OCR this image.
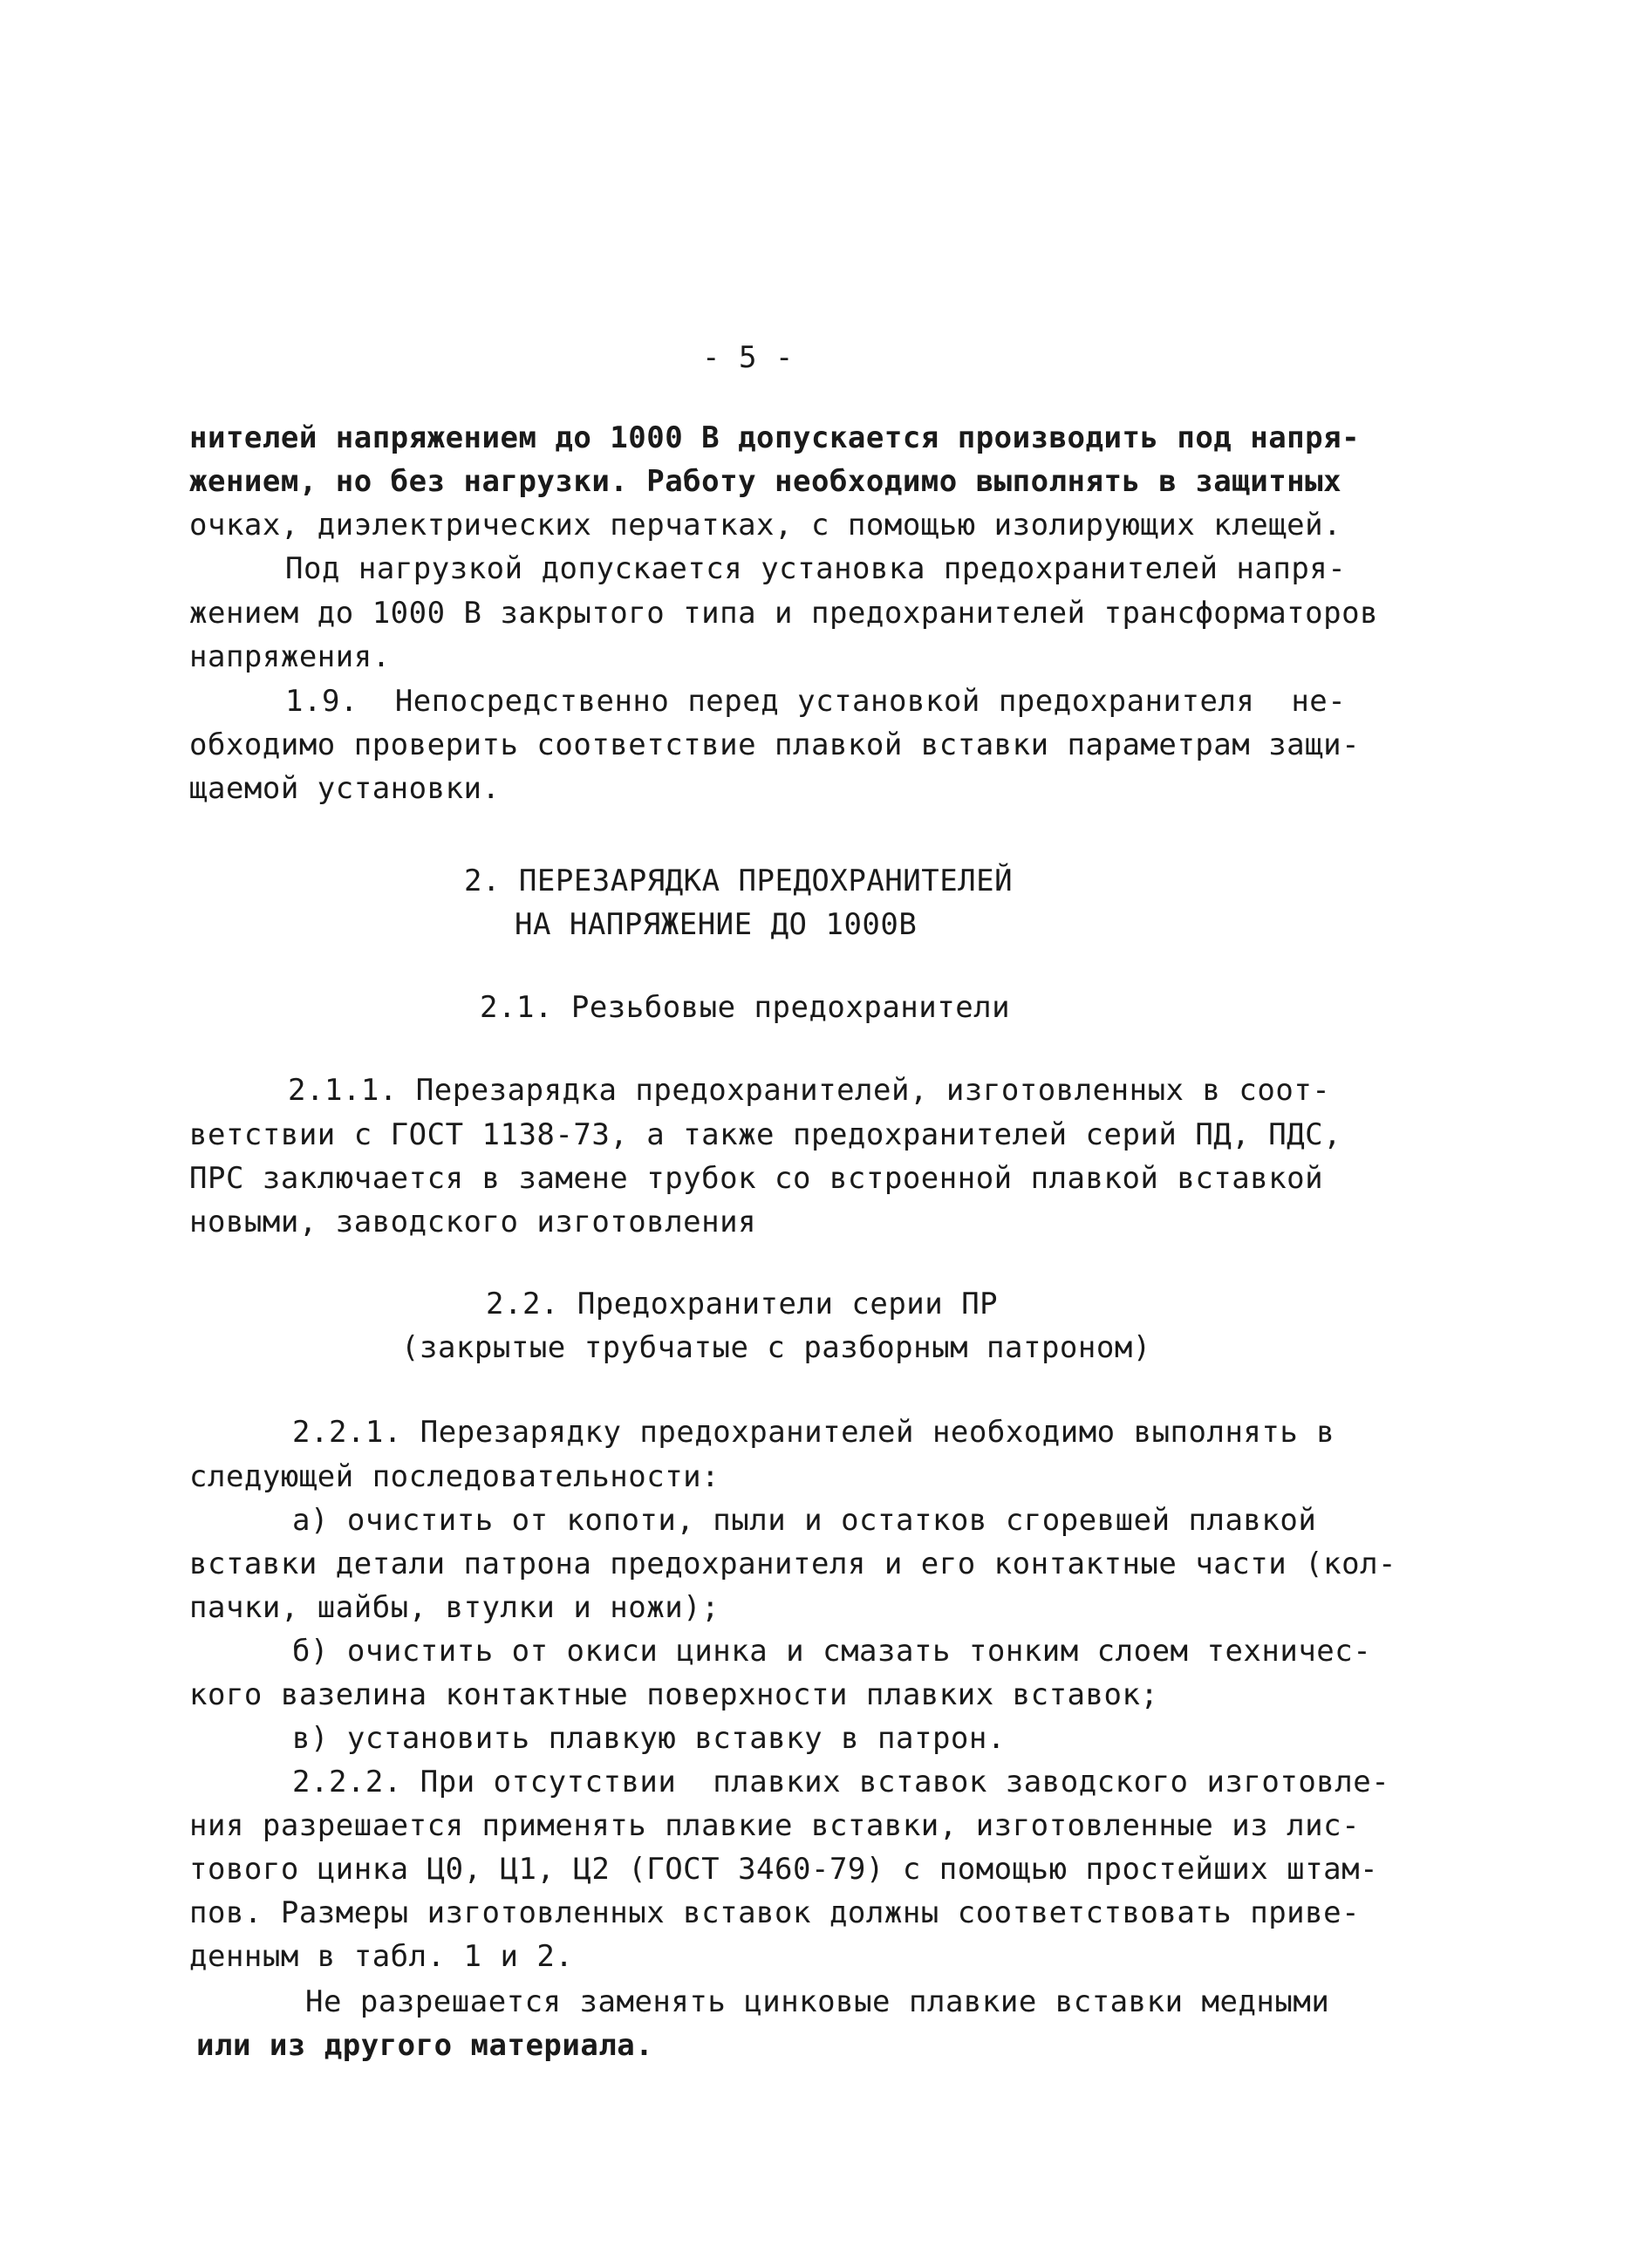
- 5 -
нителей напряжением до 1000 В допускается производить под напря-
жением, но без нагрузки. Работу необходимо выполнять в защитных
очках, диэлектрических перчатках, с помощью изолирующих клещей.
Под нагрузкой допускается установка предохранителей напря-
жением до 1000 В закрытого типа и предохранителей трансформаторов
напряжения.
1.9.  Непосредственно перед установкой предохранителя  не-
обходимо проверить соответствие плавкой вставки параметрам защи-
щаемой установки.
2. ПЕРЕЗАРЯДКА ПРЕДОХРАНИТЕЛЕЙ
НА НАПРЯЖЕНИЕ ДО 1000В
2.1. Резьбовые предохранители
2.1.1. Перезарядка предохранителей, изготовленных в соот-
ветствии с ГОСТ 1138-73, а также предохранителей серий ПД, ПДС,
ПРС заключается в замене трубок со встроенной плавкой вставкой
новыми, заводского изготовления
2.2. Предохранители серии ПР
(закрытые трубчатые с разборным патроном)
2.2.1. Перезарядку предохранителей необходимо выполнять в
следующей последовательности:
а) очистить от копоти, пыли и остатков сгоревшей плавкой
вставки детали патрона предохранителя и его контактные части (кол-
пачки, шайбы, втулки и ножи);
б) очистить от окиси цинка и смазать тонким слоем техничес-
кого вазелина контактные поверхности плавких вставок;
в) установить плавкую вставку в патрон.
2.2.2. При отсутствии  плавких вставок заводского изготовле-
ния разрешается применять плавкие вставки, изготовленные из лис-
тового цинка Ц0, Ц1, Ц2 (ГОСТ 3460-79) с помощью простейших штам-
пов. Размеры изготовленных вставок должны соответствовать приве-
денным в табл. 1 и 2.
Не разрешается заменять цинковые плавкие вставки медными
или из другого материала.
